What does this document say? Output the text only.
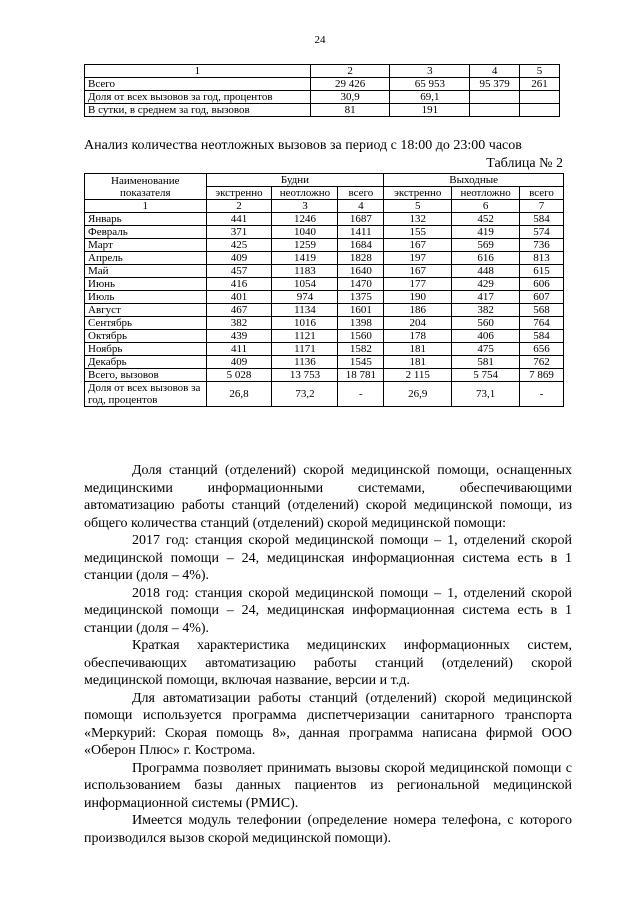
24
1	2	3	4	5
Всего	29 426	65 953	95 379	261
Доля от всех вызовов за год, процентов	30,9	69,1		
В сутки, в среднем за год, вызовов	81	191		
Анализ количества неотложных вызовов за период с 18:00 до 23:00 часов
Таблица № 2
Наименование показателя	Будни			Выходные		
	экстренно	неотложно	всего	экстренно	неотложно	всего
1	2	3	4	5	6	7
Январь	441	1246	1687	132	452	584
Февраль	371	1040	1411	155	419	574
Март	425	1259	1684	167	569	736
Апрель	409	1419	1828	197	616	813
Май	457	1183	1640	167	448	615
Июнь	416	1054	1470	177	429	606
Июль	401	974	1375	190	417	607
Август	467	1134	1601	186	382	568
Сентябрь	382	1016	1398	204	560	764
Октябрь	439	1121	1560	178	406	584
Ноябрь	411	1171	1582	181	475	656
Декабрь	409	1136	1545	181	581	762
Всего, вызовов	5 028	13 753	18 781	2 115	5 754	7 869
Доля от всех вызовов за год, процентов	26,8	73,2	-	26,9	73,1	-

Доля станций (отделений) скорой медицинской помощи, оснащенных медицинскими информационными системами, обеспечивающими автоматизацию работы станций (отделений) скорой медицинской помощи, из общего количества станций (отделений) скорой медицинской помощи:

2017 год: станция скорой медицинской помощи – 1, отделений скорой медицинской помощи – 24, медицинская информационная система есть в 1 станции (доля – 4%).

2018 год: станция скорой медицинской помощи – 1, отделений скорой медицинской помощи – 24, медицинская информационная система есть в 1 станции (доля – 4%).

Краткая характеристика медицинских информационных систем, обеспечивающих автоматизацию работы станций (отделений) скорой медицинской помощи, включая название, версии и т.д.

Для автоматизации работы станций (отделений) скорой медицинской помощи используется программа диспетчеризации санитарного транспорта «Меркурий: Скорая помощь 8», данная программа написана фирмой ООО «Оберон Плюс» г. Кострома.

Программа позволяет принимать вызовы скорой медицинской помощи с использованием базы данных пациентов из региональной медицинской информационной системы (РМИС).

Имеется модуль телефонии (определение номера телефона, с которого производился вызов скорой медицинской помощи).
